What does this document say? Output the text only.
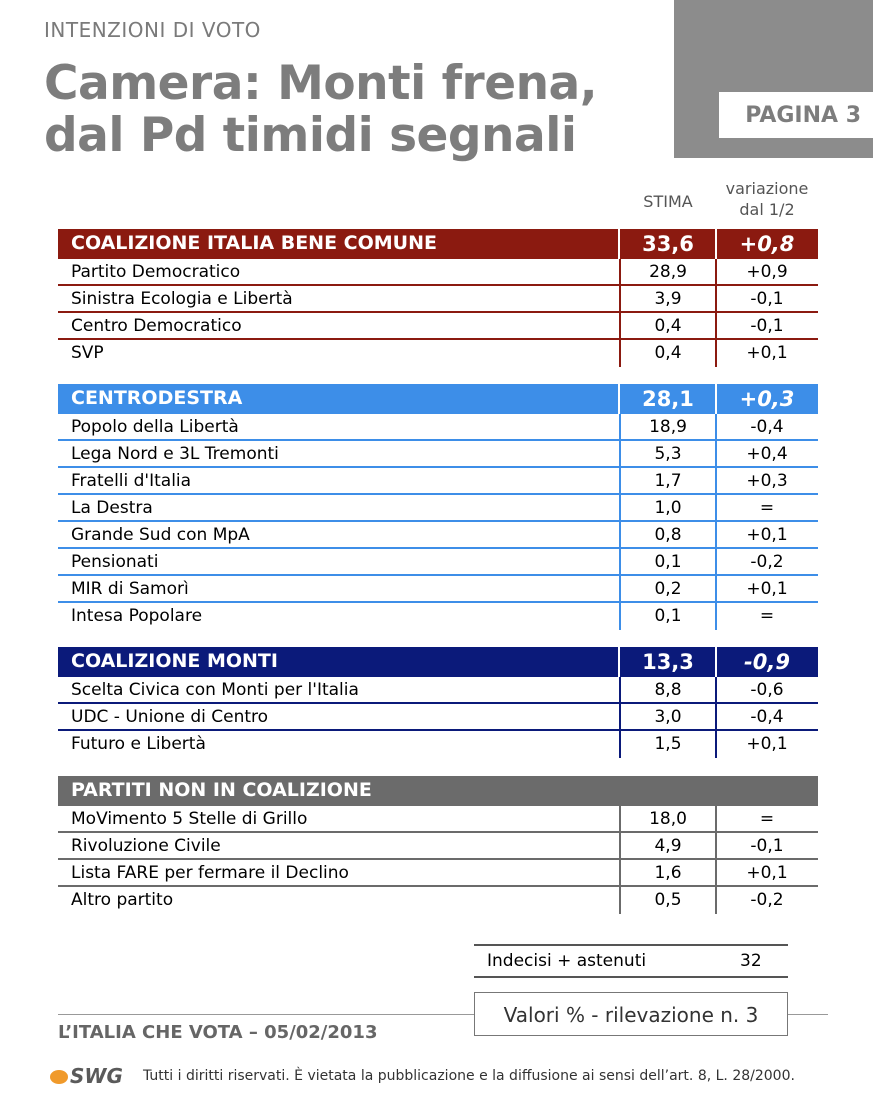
PAGINA 3
INTENZIONI DI VOTO
Camera: Monti frena,
dal Pd timidi segnali
STIMA
variazione
dal 1/2
COALIZIONE ITALIA BENE COMUNE	33,6	+0,8
Partito Democratico	28,9	+0,9
Sinistra Ecologia e Libertà	3,9	-0,1
Centro Democratico	0,4	-0,1
SVP	0,4	+0,1
CENTRODESTRA	28,1	+0,3
Popolo della Libertà	18,9	-0,4
Lega Nord e 3L Tremonti	5,3	+0,4
Fratelli d'Italia	1,7	+0,3
La Destra	1,0	=
Grande Sud con MpA	0,8	+0,1
Pensionati	0,1	-0,2
MIR di Samorì	0,2	+0,1
Intesa Popolare	0,1	=
COALIZIONE MONTI	13,3	-0,9
Scelta Civica con Monti per l'Italia	8,8	-0,6
UDC - Unione di Centro	3,0	-0,4
Futuro e Libertà	1,5	+0,1
PARTITI NON IN COALIZIONE
MoVimento 5 Stelle di Grillo	18,0	=
Rivoluzione Civile	4,9	-0,1
Lista FARE per fermare il Declino	1,6	+0,1
Altro partito	0,5	-0,2
Indecisi + astenuti	32
Valori % - rilevazione n. 3
L’ITALIA CHE VOTA – 05/02/2013
SWG Tutti i diritti riservati. È vietata la pubblicazione e la diffusione ai sensi dell’art. 8, L. 28/2000.
